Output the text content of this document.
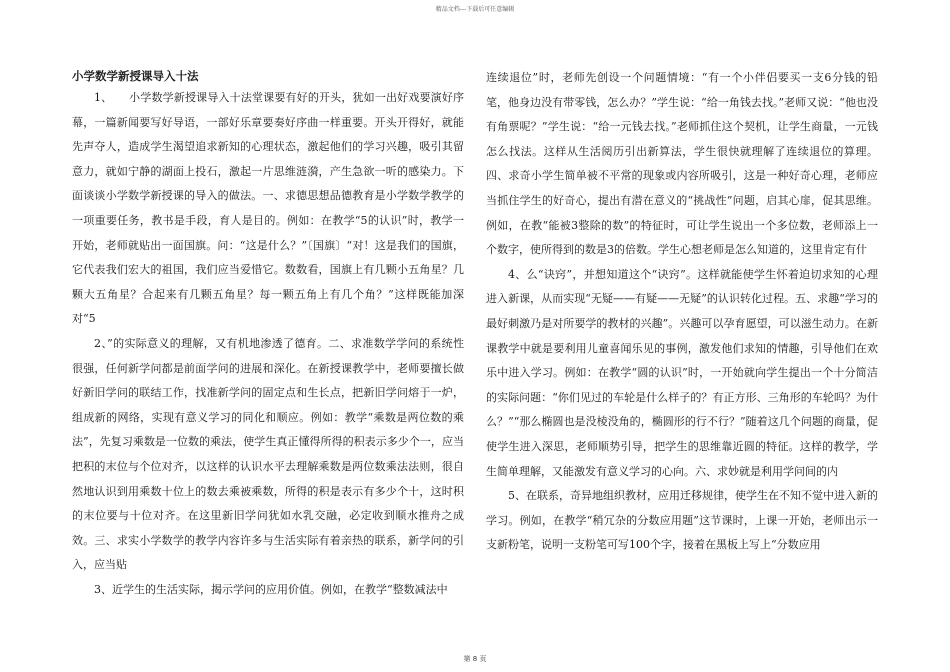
精品文档---下载后可任意编辑
小学数学新授课导入十法

1、　　小学数学新授课导入十法堂课要有好的开头，犹如一出好戏要演好序幕，一篇新闻要写好导语，一部好乐章要奏好序曲一样重要。开头开得好，就能先声夺人，造成学生渴望追求新知的心理状态，激起他们的学习兴趣，吸引其留意力，就如宁静的湖面上投石，激起一片思维涟漪，产生急欲一听的感染力。下面谈谈小学数学新授课的导入的做法。一、求德思想品德教育是小学数学教学的一项重要任务，教书是手段，育人是目的。例如：在教学“5的认识”时，教学一开始，老师就贴出一面国旗。问：“这是什么？”〔国旗〕“对！这是我们的国旗，它代表我们宏大的祖国，我们应当爱惜它。数数看，国旗上有几颗小五角星？几颗大五角星？合起来有几颗五角星？每一颗五角上有几个角？”这样既能加深对“5

2、”的实际意义的理解，又有机地渗透了德育。二、求准数学学问的系统性很强，任何新学问都是前面学问的进展和深化。在新授课教学中，老师要擅长做好新旧学问的联结工作，找准新学问的固定点和生长点，把新旧学问熔于一炉，组成新的网络，实现有意义学习的同化和顺应。例如：教学“乘数是两位数的乘法”，先复习乘数是一位数的乘法，使学生真正懂得所得的积表示多少个一，应当把积的末位与个位对齐，以这样的认识水平去理解乘数是两位数乘法法则，很自然地认识到用乘数十位上的数去乘被乘数，所得的积是表示有多少个十，这时积的末位要与十位对齐。在这里新旧学问犹如水乳交融，必定收到顺水推舟之成效。三、求实小学数学的教学内容许多与生活实际有着亲热的联系，新学问的引入，应当贴

3、近学生的生活实际，揭示学问的应用价值。例如，在教学“整数减法中

连续退位”时，老师先创设一个问题情境：“有一个小伴侣要买一支6分钱的铅笔，他身边没有带零钱，怎么办？”学生说：“给一角钱去找。”老师又说：“他也没有角票呢？”学生说：“给一元钱去找。”老师抓住这个契机，让学生商量，一元钱怎么找法。这样从生活阅历引出新算法，学生很快就理解了连续退位的算理。四、求奇小学生简单被不平常的现象或内容所吸引，这是一种好奇心理，老师应当抓住学生的好奇心，提出有潜在意义的“挑战性”问题，启其心扉，促其思维。例如，在教“能被3整除的数”的特征时，可让学生说出一个多位数，老师添上一个数字，使所得到的数是3的倍数。学生心想老师是怎么知道的，这里肯定有什

4、么“诀窍”，并想知道这个“诀窍”。这样就能使学生怀着迫切求知的心理进入新课，从而实现“无疑——有疑——无疑”的认识转化过程。五、求趣“学习的最好刺激乃是对所要学的教材的兴趣”。兴趣可以孕育愿望，可以滋生动力。在新课教学中就是要利用儿童喜闻乐见的事例，激发他们求知的情趣，引导他们在欢乐中进入学习。例如：在教学“圆的认识”时，一开始就向学生提出一个十分简洁的实际问题：“你们见过的车轮是什么样子的？有正方形、三角形的车轮吗？为什么？”“那么椭圆也是没棱没角的，椭圆形的行不行？”随着这几个问题的商量，促使学生进入深思，老师顺势引导，把学生的思维靠近圆的特征。这样的教学，学生简单理解，又能激发有意义学习的心向。六、求妙就是利用学问间的内

5、在联系，奇异地组织教材，应用迁移规律，使学生在不知不觉中进入新的学习。例如，在教学“稍冗杂的分数应用题”这节课时，上课一开始，老师出示一支新粉笔，说明一支粉笔可写100个字，接着在黑板上写上“分数应用

第 8 页
